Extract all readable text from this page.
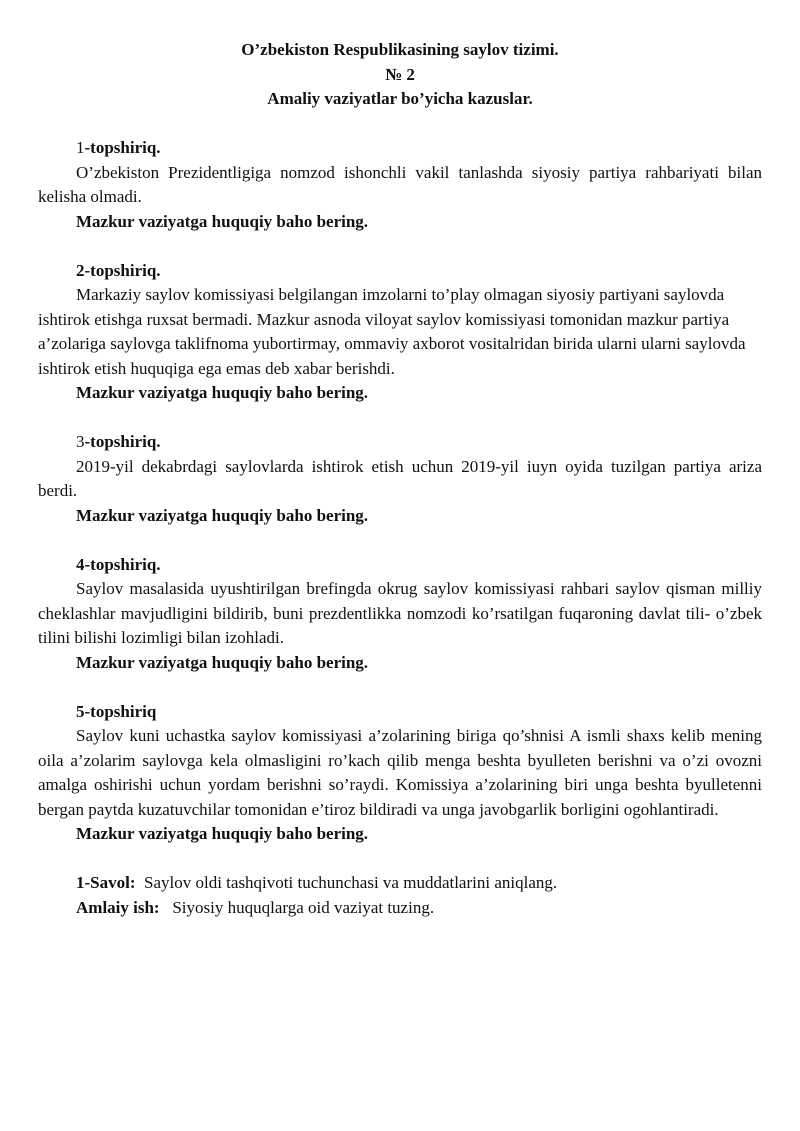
O’zbekiston Respublikasining saylov tizimi.
№ 2
Amaliy vaziyatlar bo’yicha kazuslar.
1-topshiriq.
O’zbekiston Prezidentligiga nomzod ishonchli vakil tanlashda siyosiy partiya rahbariyati bilan kelisha olmadi.
Mazkur vaziyatga huquqiy baho bering.
2-topshiriq.
Markaziy saylov komissiyasi belgilangan imzolarni to’play olmagan siyosiy partiyani saylovda ishtirok etishga ruxsat bermadi. Mazkur asnoda viloyat saylov komissiyasi tomonidan mazkur partiya a’zolariga saylovga taklifnoma yubortirmay, ommaviy axborot vositalridan birida ularni ularni saylovda ishtirok etish huquqiga ega emas deb xabar berishdi.
Mazkur vaziyatga huquqiy baho bering.
3-topshiriq.
2019-yil dekabrdagi saylovlarda ishtirok etish uchun 2019-yil iuyn oyida tuzilgan partiya ariza berdi.
Mazkur vaziyatga huquqiy baho bering.
4-topshiriq.
Saylov masalasida uyushtirilgan brefingda okrug saylov komissiyasi rahbari saylov qisman milliy cheklashlar mavjudligini bildirib, buni prezdentlikka nomzodi ko’rsatilgan fuqaroning davlat tili- o’zbek tilini bilishi lozimligi bilan izohladi.
Mazkur vaziyatga huquqiy baho bering.
5-topshiriq
Saylov kuni uchastka saylov komissiyasi a’zolarining biriga qo’shnisi A ismli shaxs kelib mening oila a’zolarim saylovga kela olmasligini ro’kach qilib menga beshta byulleten berishni va o’zi ovozni amalga oshirishi uchun yordam berishni so’raydi. Komissiya a’zolarining biri unga beshta byulletenni bergan paytda kuzatuvchilar tomonidan e’tiroz bildiradi va unga javobgarlik borligini ogohlantiradi.
Mazkur vaziyatga huquqiy baho bering.
1-Savol:  Saylov oldi tashqivoti tuchunchasi va muddatlarini aniqlang.
Amlaiy ish:   Siyosiy huquqlarga oid vaziyat tuzing.
